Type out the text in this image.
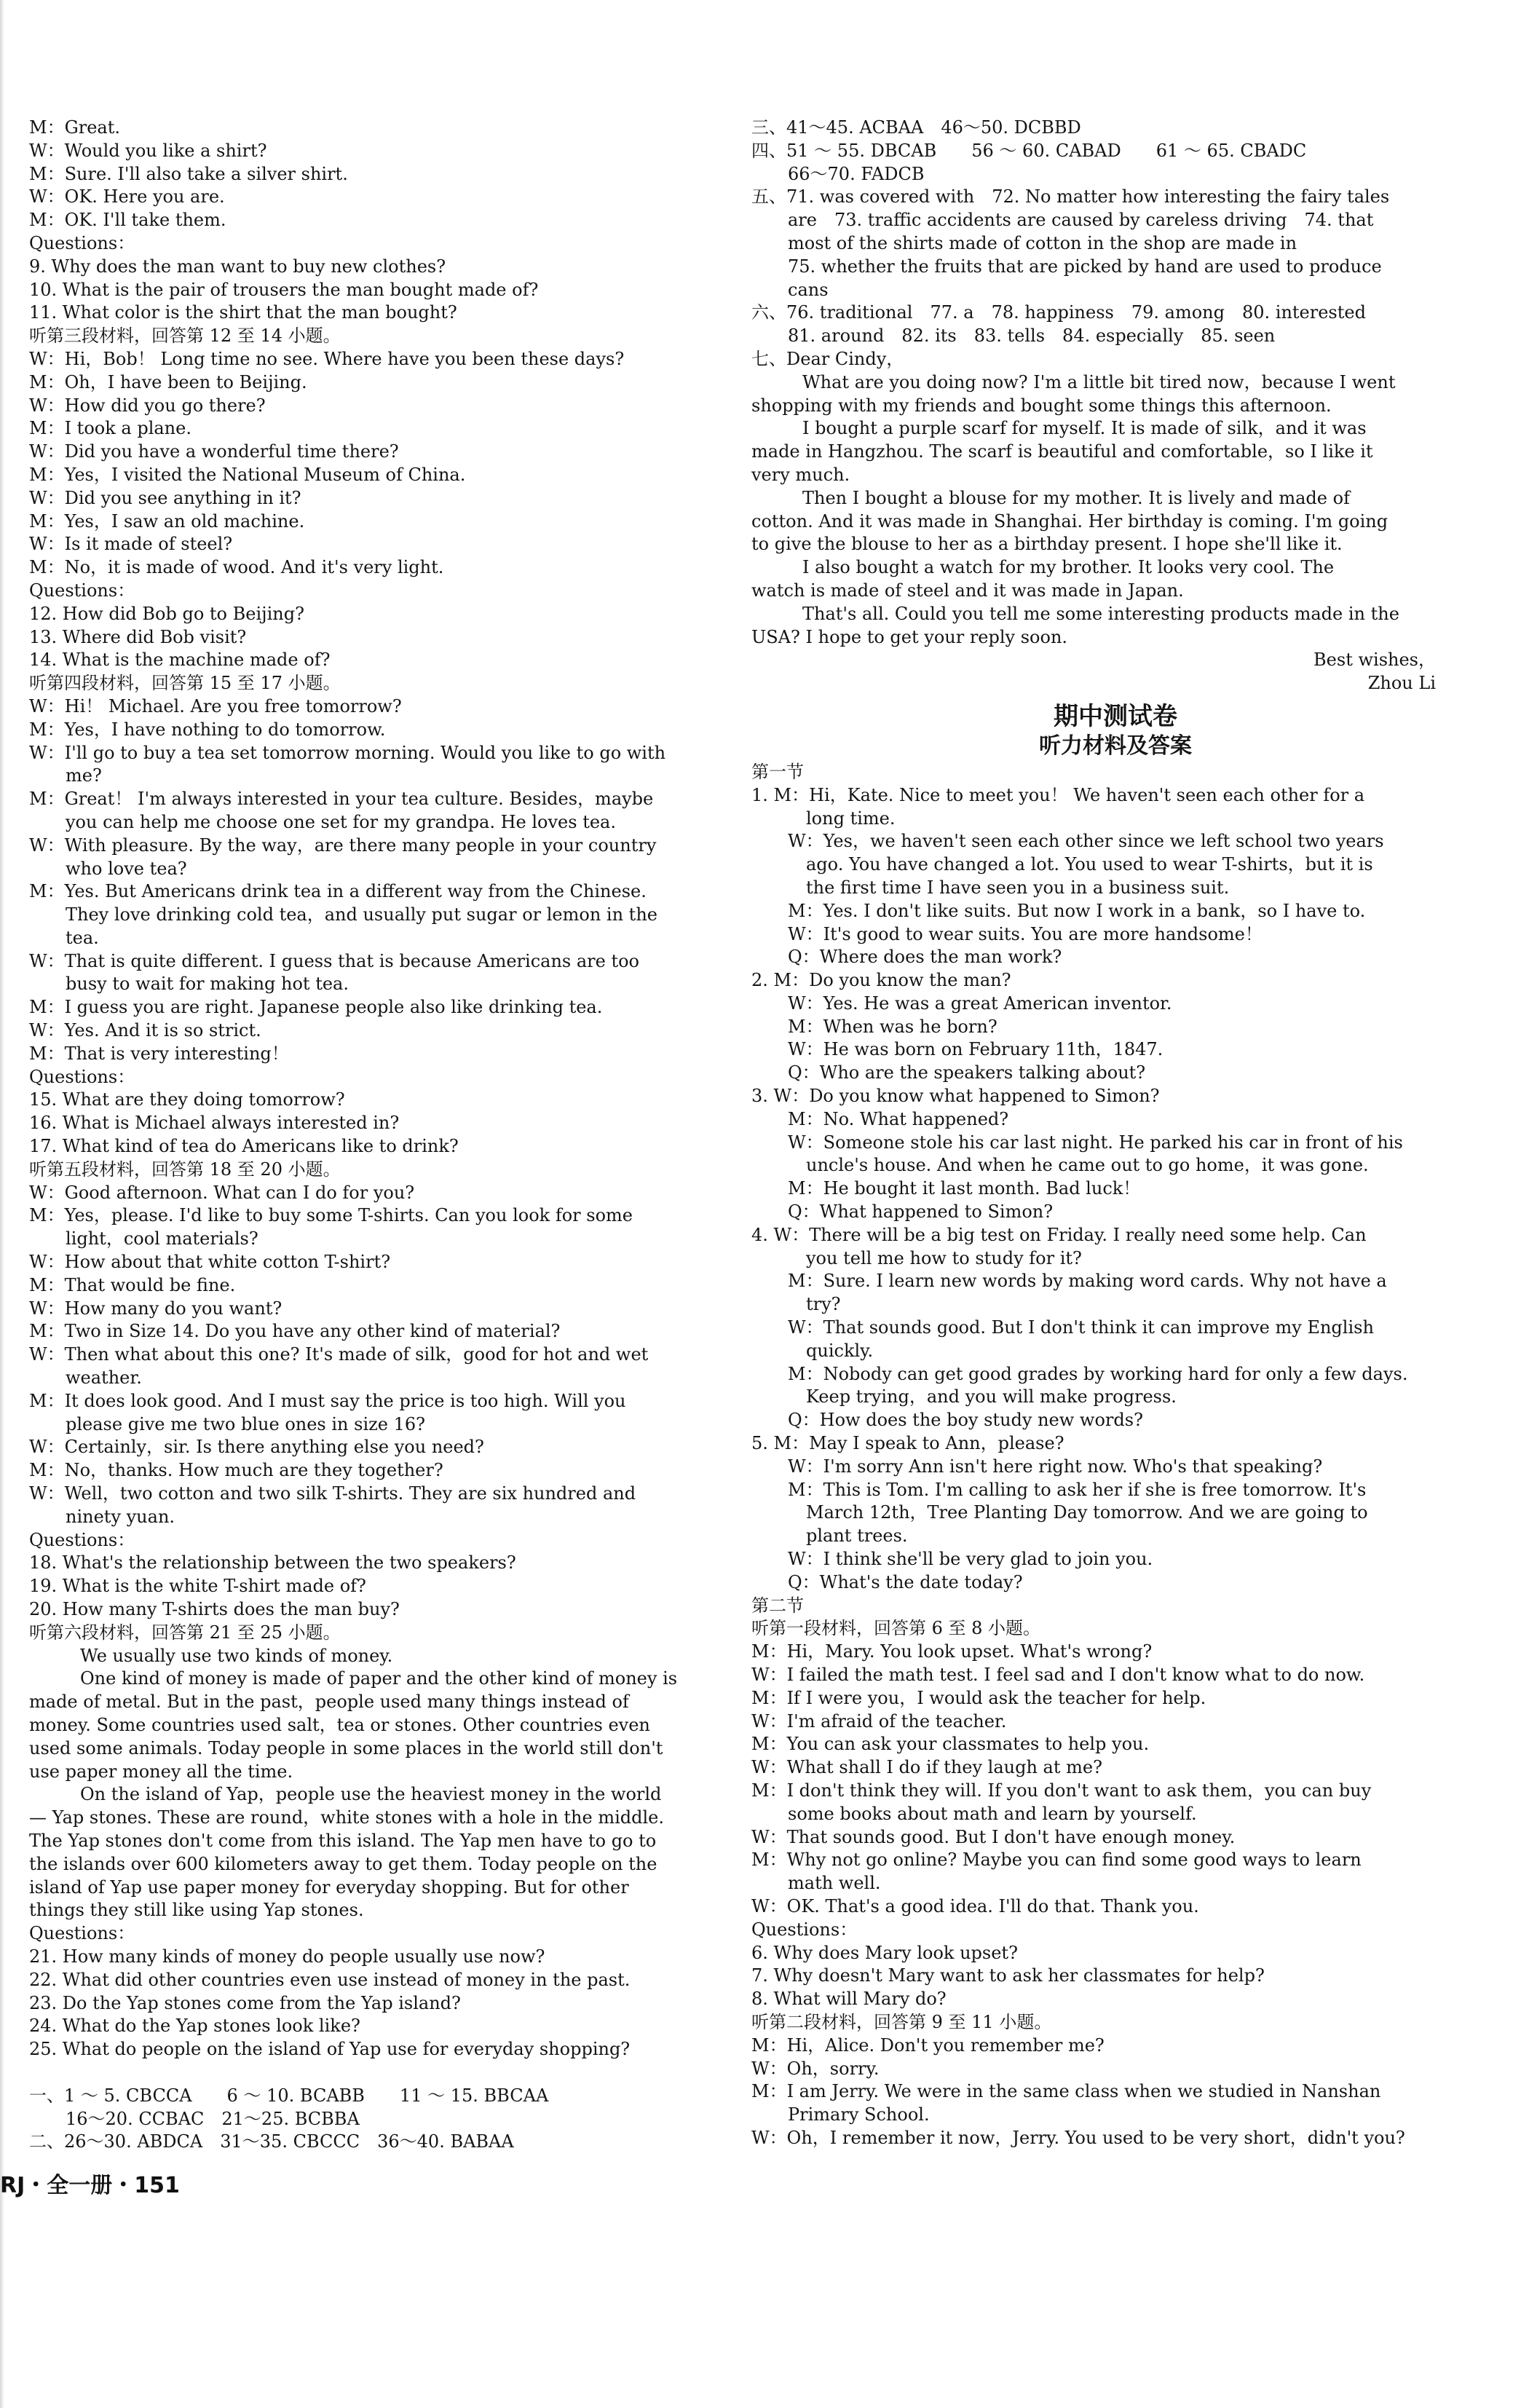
M：Great.
W：Would you like a shirt?
M：Sure. I'll also take a silver shirt.
W：OK. Here you are.
M：OK. I'll take them.
Questions：
9. Why does the man want to buy new clothes?
10. What is the pair of trousers the man bought made of?
11. What color is the shirt that the man bought?
听第三段材料，回答第 12 至 14 小题。
W：Hi，Bob！ Long time no see. Where have you been these days?
M：Oh，I have been to Beijing.
W：How did you go there?
M：I took a plane.
W：Did you have a wonderful time there?
M：Yes，I visited the National Museum of China.
W：Did you see anything in it?
M：Yes，I saw an old machine.
W：Is it made of steel?
M：No，it is made of wood. And it's very light.
Questions：
12. How did Bob go to Beijing?
13. Where did Bob visit?
14. What is the machine made of?
听第四段材料，回答第 15 至 17 小题。
W：Hi！ Michael. Are you free tomorrow?
M：Yes，I have nothing to do tomorrow.
W：I'll go to buy a tea set tomorrow morning. Would you like to go with
me?
M：Great！ I'm always interested in your tea culture. Besides，maybe
you can help me choose one set for my grandpa. He loves tea.
W：With pleasure. By the way，are there many people in your country
who love tea?
M：Yes. But Americans drink tea in a different way from the Chinese.
They love drinking cold tea，and usually put sugar or lemon in the
tea.
W：That is quite different. I guess that is because Americans are too
busy to wait for making hot tea.
M：I guess you are right. Japanese people also like drinking tea.
W：Yes. And it is so strict.
M：That is very interesting！
Questions：
15. What are they doing tomorrow?
16. What is Michael always interested in?
17. What kind of tea do Americans like to drink?
听第五段材料，回答第 18 至 20 小题。
W：Good afternoon. What can I do for you?
M：Yes，please. I'd like to buy some T-shirts. Can you look for some
light，cool materials?
W：How about that white cotton T-shirt?
M：That would be fine.
W：How many do you want?
M：Two in Size 14. Do you have any other kind of material?
W：Then what about this one? It's made of silk，good for hot and wet
weather.
M：It does look good. And I must say the price is too high. Will you
please give me two blue ones in size 16?
W：Certainly，sir. Is there anything else you need?
M：No，thanks. How much are they together?
W：Well，two cotton and two silk T-shirts. They are six hundred and
ninety yuan.
Questions：
18. What's the relationship between the two speakers?
19. What is the white T-shirt made of?
20. How many T-shirts does the man buy?
听第六段材料，回答第 21 至 25 小题。
We usually use two kinds of money.
One kind of money is made of paper and the other kind of money is
made of metal. But in the past，people used many things instead of
money. Some countries used salt，tea or stones. Other countries even
used some animals. Today people in some places in the world still don't
use paper money all the time.
On the island of Yap，people use the heaviest money in the world
— Yap stones. These are round，white stones with a hole in the middle.
The Yap stones don't come from this island. The Yap men have to go to
the islands over 600 kilometers away to get them. Today people on the
island of Yap use paper money for everyday shopping. But for other
things they still like using Yap stones.
Questions：
21. How many kinds of money do people usually use now?
22. What did other countries even use instead of money in the past.
23. Do the Yap stones come from the Yap island?
24. What do the Yap stones look like?
25. What do people on the island of Yap use for everyday shopping?
一、1 ～ 5. CBCCA　　6 ～ 10. BCABB　　11 ～ 15. BBCAA
16～20. CCBAC　21～25. BCBBA
二、26～30. ABDCA　31～35. CBCCC　36～40. BABAA
三、41～45. ACBAA　46～50. DCBBD
四、51 ～ 55. DBCAB　　56 ～ 60. CABAD　　61 ～ 65. CBADC
66～70. FADCB
五、71. was covered with　72. No matter how interesting the fairy tales
are　73. traffic accidents are caused by careless driving　74. that
most of the shirts made of cotton in the shop are made in
75. whether the fruits that are picked by hand are used to produce
cans
六、76. traditional　77. a　78. happiness　79. among　80. interested
81. around　82. its　83. tells　84. especially　85. seen
七、Dear Cindy，
What are you doing now? I'm a little bit tired now，because I went
shopping with my friends and bought some things this afternoon.
I bought a purple scarf for myself. It is made of silk，and it was
made in Hangzhou. The scarf is beautiful and comfortable，so I like it
very much.
Then I bought a blouse for my mother. It is lively and made of
cotton. And it was made in Shanghai. Her birthday is coming. I'm going
to give the blouse to her as a birthday present. I hope she'll like it.
I also bought a watch for my brother. It looks very cool. The
watch is made of steel and it was made in Japan.
That's all. Could you tell me some interesting products made in the
USA? I hope to get your reply soon.
Best wishes，
Zhou Li
期中测试卷
听力材料及答案
第一节
1. M：Hi，Kate. Nice to meet you！ We haven't seen each other for a
long time.
W：Yes，we haven't seen each other since we left school two years
ago. You have changed a lot. You used to wear T-shirts，but it is
the first time I have seen you in a business suit.
M：Yes. I don't like suits. But now I work in a bank，so I have to.
W：It's good to wear suits. You are more handsome！
Q：Where does the man work?
2. M：Do you know the man?
W：Yes. He was a great American inventor.
M：When was he born?
W：He was born on February 11th，1847.
Q：Who are the speakers talking about?
3. W：Do you know what happened to Simon?
M：No. What happened?
W：Someone stole his car last night. He parked his car in front of his
uncle's house. And when he came out to go home，it was gone.
M：He bought it last month. Bad luck！
Q：What happened to Simon?
4. W：There will be a big test on Friday. I really need some help. Can
you tell me how to study for it?
M：Sure. I learn new words by making word cards. Why not have a
try?
W：That sounds good. But I don't think it can improve my English
quickly.
M：Nobody can get good grades by working hard for only a few days.
Keep trying，and you will make progress.
Q：How does the boy study new words?
5. M：May I speak to Ann，please?
W：I'm sorry Ann isn't here right now. Who's that speaking?
M：This is Tom. I'm calling to ask her if she is free tomorrow. It's
March 12th，Tree Planting Day tomorrow. And we are going to
plant trees.
W：I think she'll be very glad to join you.
Q：What's the date today?
第二节
听第一段材料，回答第 6 至 8 小题。
M：Hi，Mary. You look upset. What's wrong?
W：I failed the math test. I feel sad and I don't know what to do now.
M：If I were you，I would ask the teacher for help.
W：I'm afraid of the teacher.
M：You can ask your classmates to help you.
W：What shall I do if they laugh at me?
M：I don't think they will. If you don't want to ask them，you can buy
some books about math and learn by yourself.
W：That sounds good. But I don't have enough money.
M：Why not go online? Maybe you can find some good ways to learn
math well.
W：OK. That's a good idea. I'll do that. Thank you.
Questions：
6. Why does Mary look upset?
7. Why doesn't Mary want to ask her classmates for help?
8. What will Mary do?
听第二段材料，回答第 9 至 11 小题。
M：Hi，Alice. Don't you remember me?
W：Oh，sorry.
M：I am Jerry. We were in the same class when we studied in Nanshan
Primary School.
W：Oh，I remember it now，Jerry. You used to be very short，didn't you?
RJ・全一册・151
